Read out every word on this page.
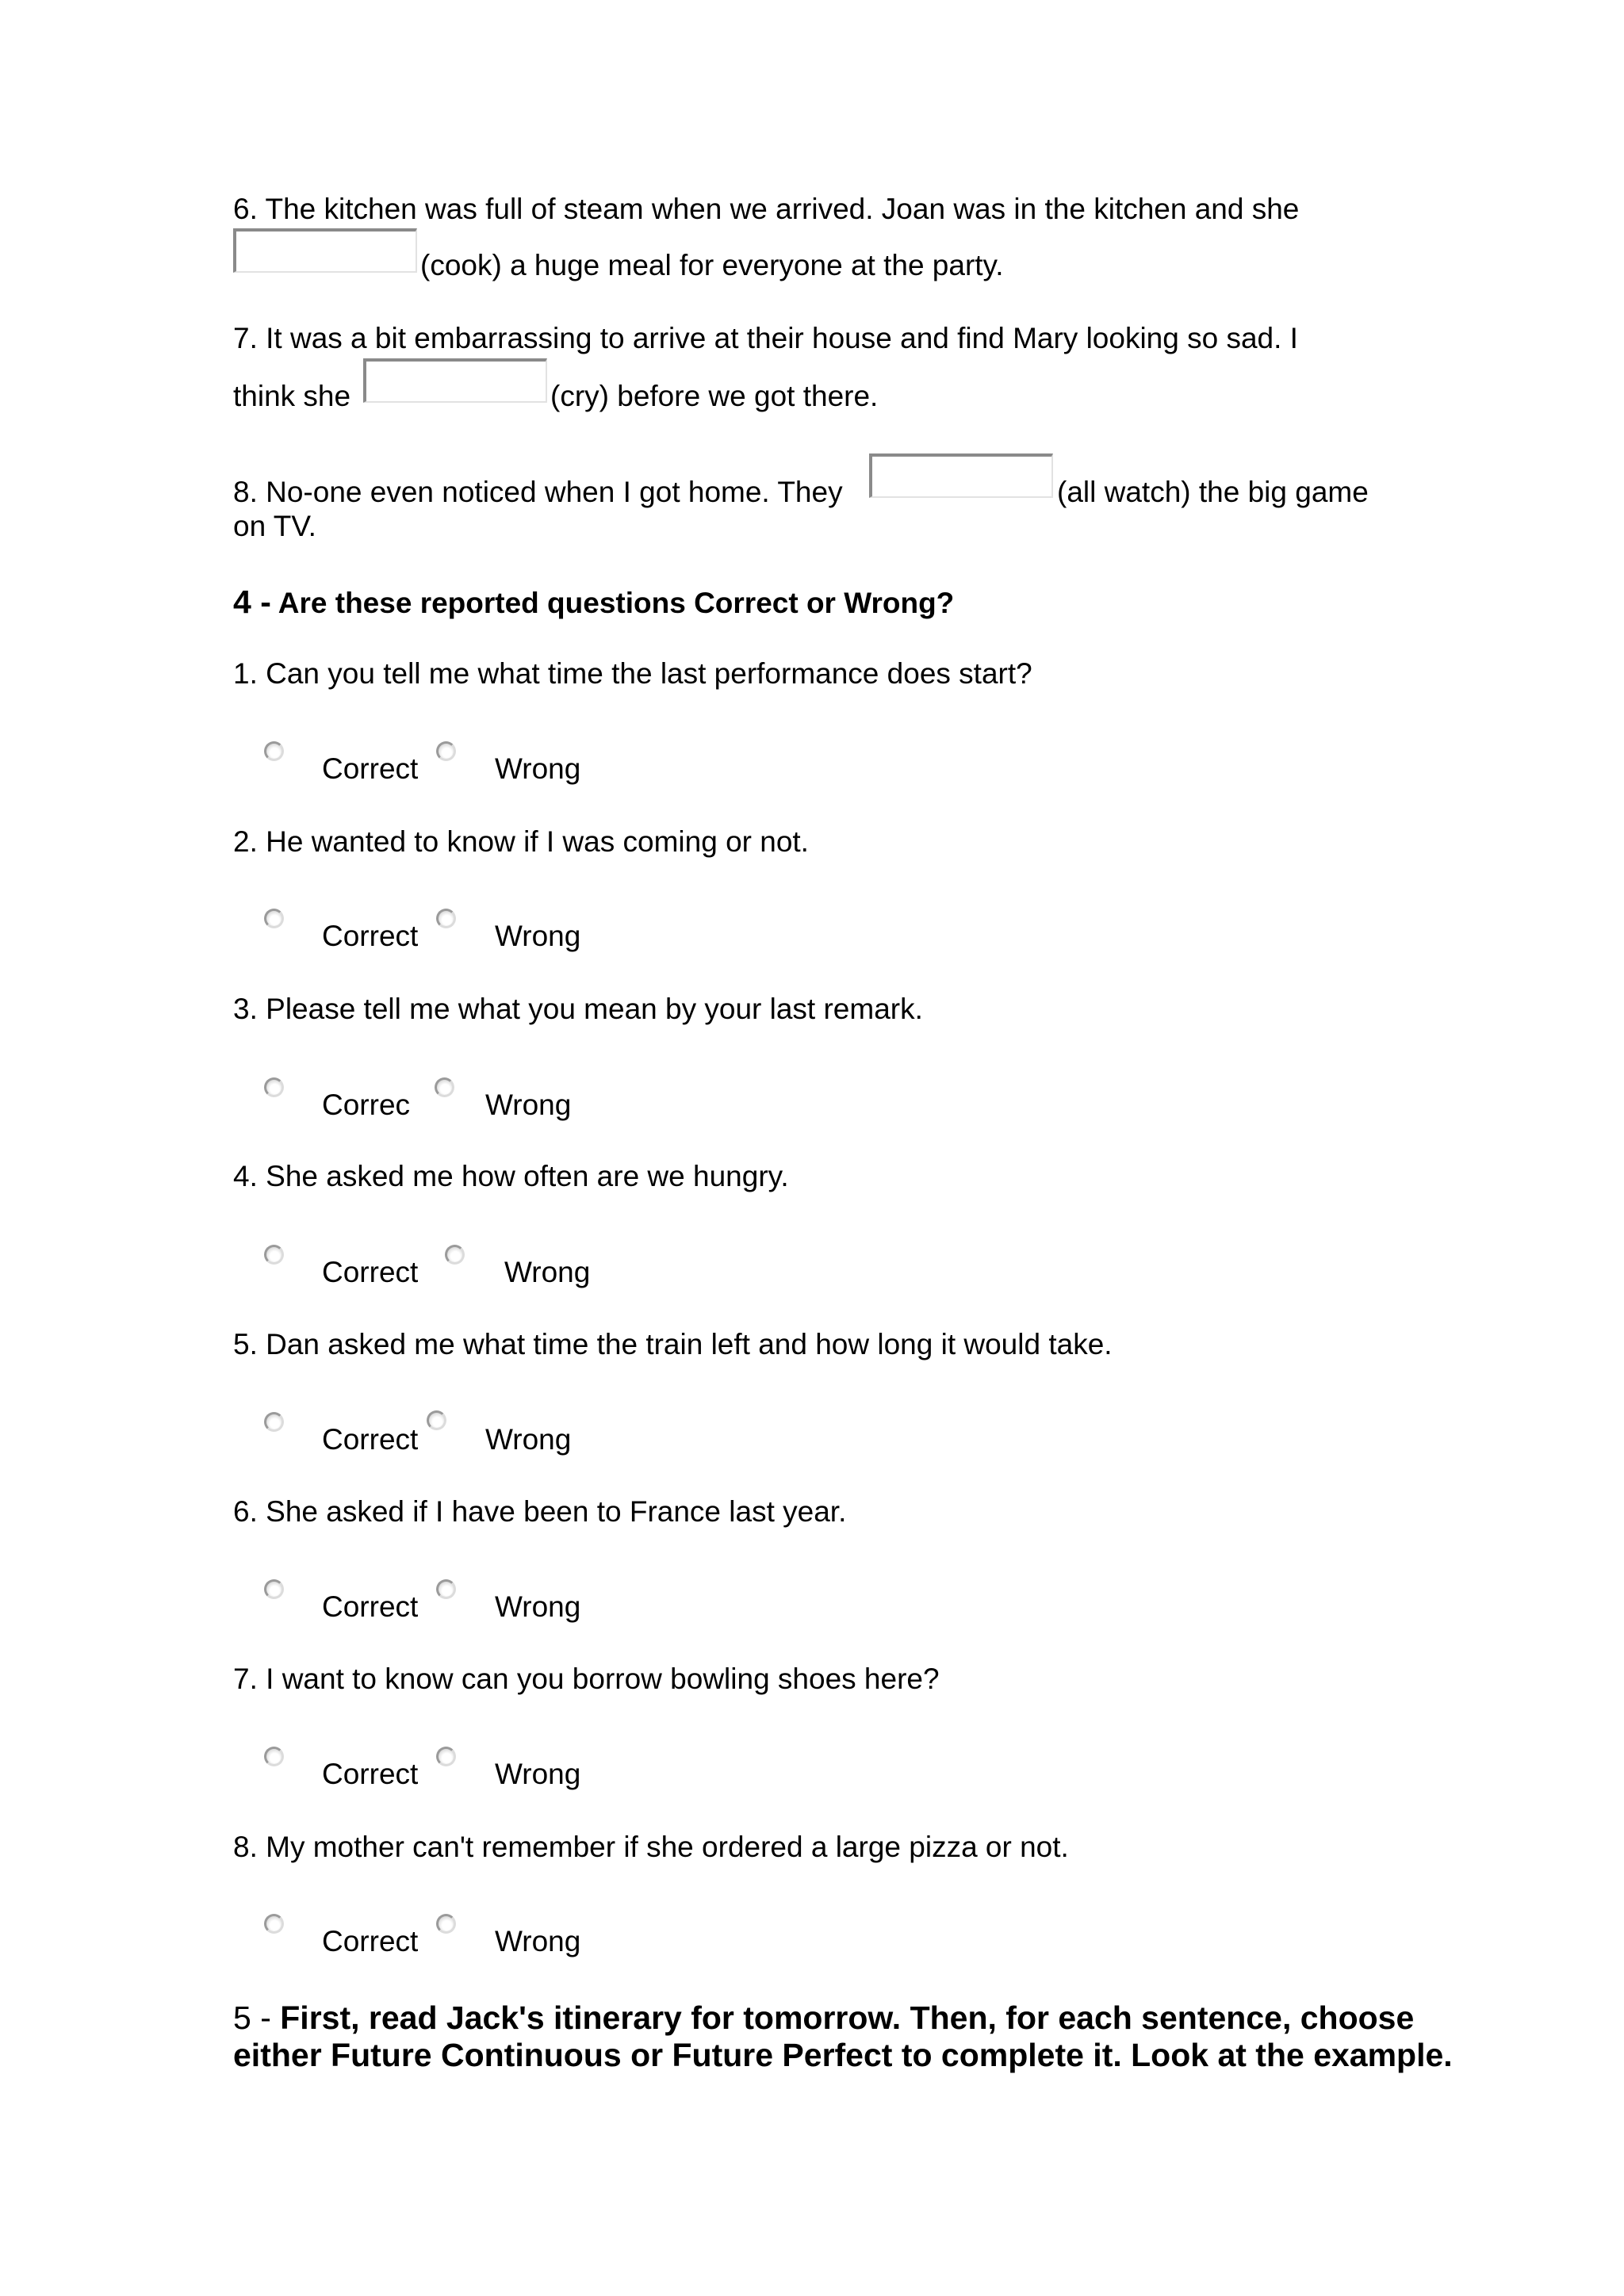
6. The kitchen was full of steam when we arrived. Joan was in the kitchen and she
(cook) a huge meal for everyone at the party.
7. It was a bit embarrassing to arrive at their house and find Mary looking so sad. I
think she	(cry) before we got there.
8. No-one even noticed when I got home. They	(all watch) the big game
on TV.
4 - Are these reported questions Correct or Wrong?
1. Can you tell me what time the last performance does start?
Correct	Wrong
2. He wanted to know if I was coming or not.
Correct	Wrong
3. Please tell me what you mean by your last remark.
Correc	Wrong
4. She asked me how often are we hungry.
Correct	Wrong
5. Dan asked me what time the train left and how long it would take.
Correct Wrong
6. She asked if I have been to France last year.
Correct	Wrong
7. I want to know can you borrow bowling shoes here?
Correct	Wrong
8. My mother can't remember if she ordered a large pizza or not.
Correct	Wrong
5 - First, read Jack's itinerary for tomorrow. Then, for each sentence, choose either Future Continuous or Future Perfect to complete it. Look at the example.
